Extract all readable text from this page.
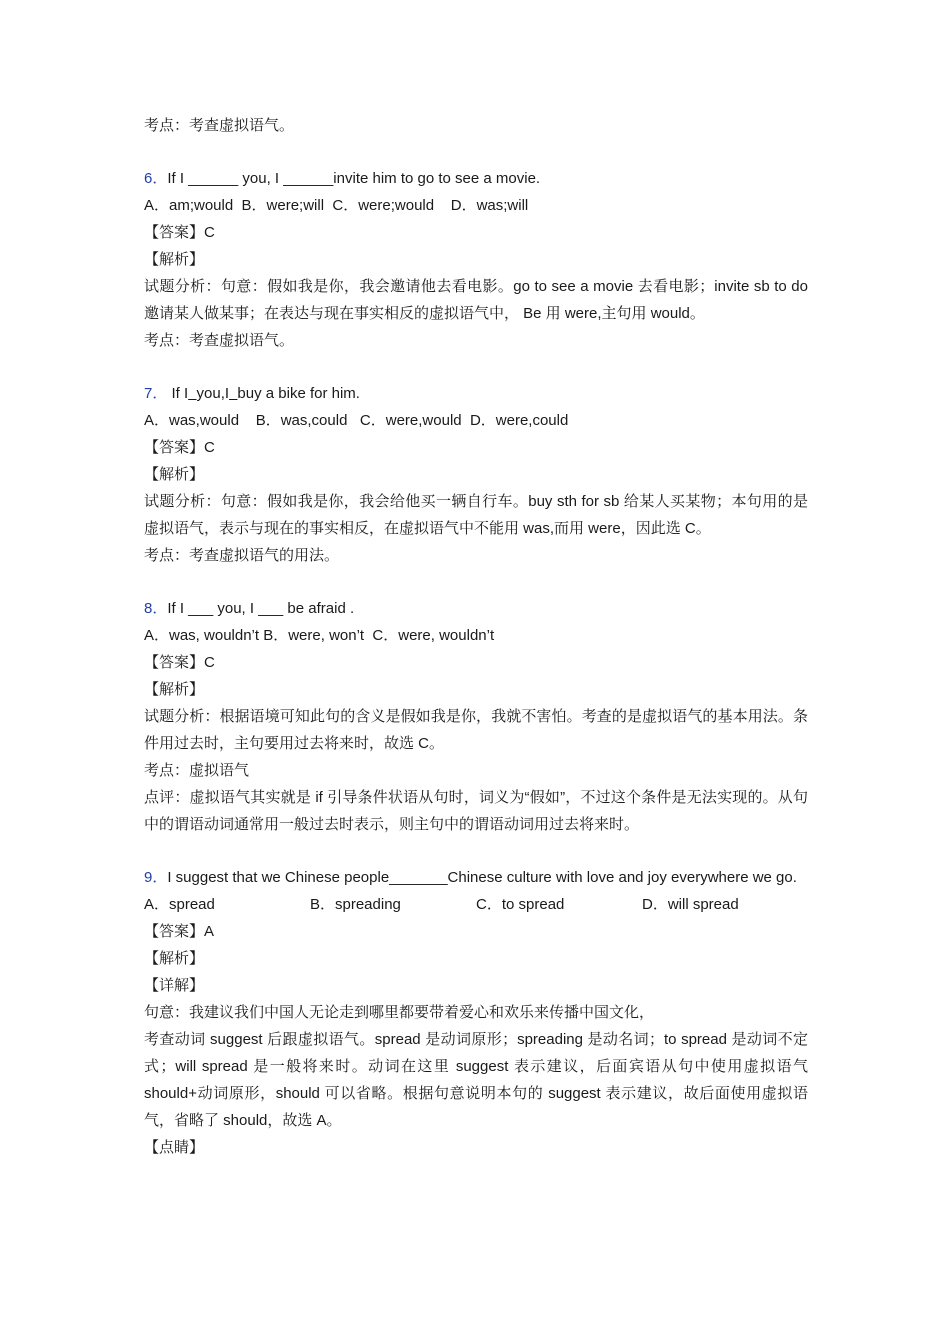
考点：考查虚拟语气。
6．If I ______ you, I ______invite him to go to see a movie.
A．am;would  B．were;will  C．were;would    D．was;will
【答案】C
【解析】
试题分析：句意：假如我是你，我会邀请他去看电影。go to see a movie 去看电影；invite sb to do 邀请某人做某事；在表达与现在事实相反的虚拟语气中， Be 用 were,主句用 would。
考点：考查虚拟语气。
7． If I you,I buy a bike for him.
A．was,would    B．was,could   C．were,would  D．were,could
【答案】C
【解析】
试题分析：句意：假如我是你，我会给他买一辆自行车。buy sth for sb 给某人买某物；本句用的是虚拟语气，表示与现在的事实相反，在虚拟语气中不能用 was,而用 were，因此选 C。
考点：考查虚拟语气的用法。
8．If I ___ you, I ___ be afraid .
A．was, wouldn’t B．were, won’t  C．were, wouldn’t
【答案】C
【解析】
试题分析：根据语境可知此句的含义是假如我是你，我就不害怕。考查的是虚拟语气的基本用法。条件用过去时，主句要用过去将来时，故选 C。
考点：虚拟语气
点评：虚拟语气其实就是 if 引导条件状语从句时，词义为“假如”，不过这个条件是无法实现的。从句中的谓语动词通常用一般过去时表示，则主句中的谓语动词用过去将来时。
9．I suggest that we Chinese people_______Chinese culture with love and joy everywhere we go.
A．spread	B．spreading	C．to spread	D．will spread
【答案】A
【解析】
【详解】
句意：我建议我们中国人无论走到哪里都要带着爱心和欢乐来传播中国文化，
考查动词 suggest 后跟虚拟语气。spread 是动词原形；spreading 是动名词；to spread 是动词不定式；will spread 是一般将来时。动词在这里 suggest 表示建议，后面宾语从句中使用虚拟语气 should+动词原形，should 可以省略。根据句意说明本句的 suggest 表示建议，故后面使用虚拟语气，省略了 should，故选 A。
【点睛】
